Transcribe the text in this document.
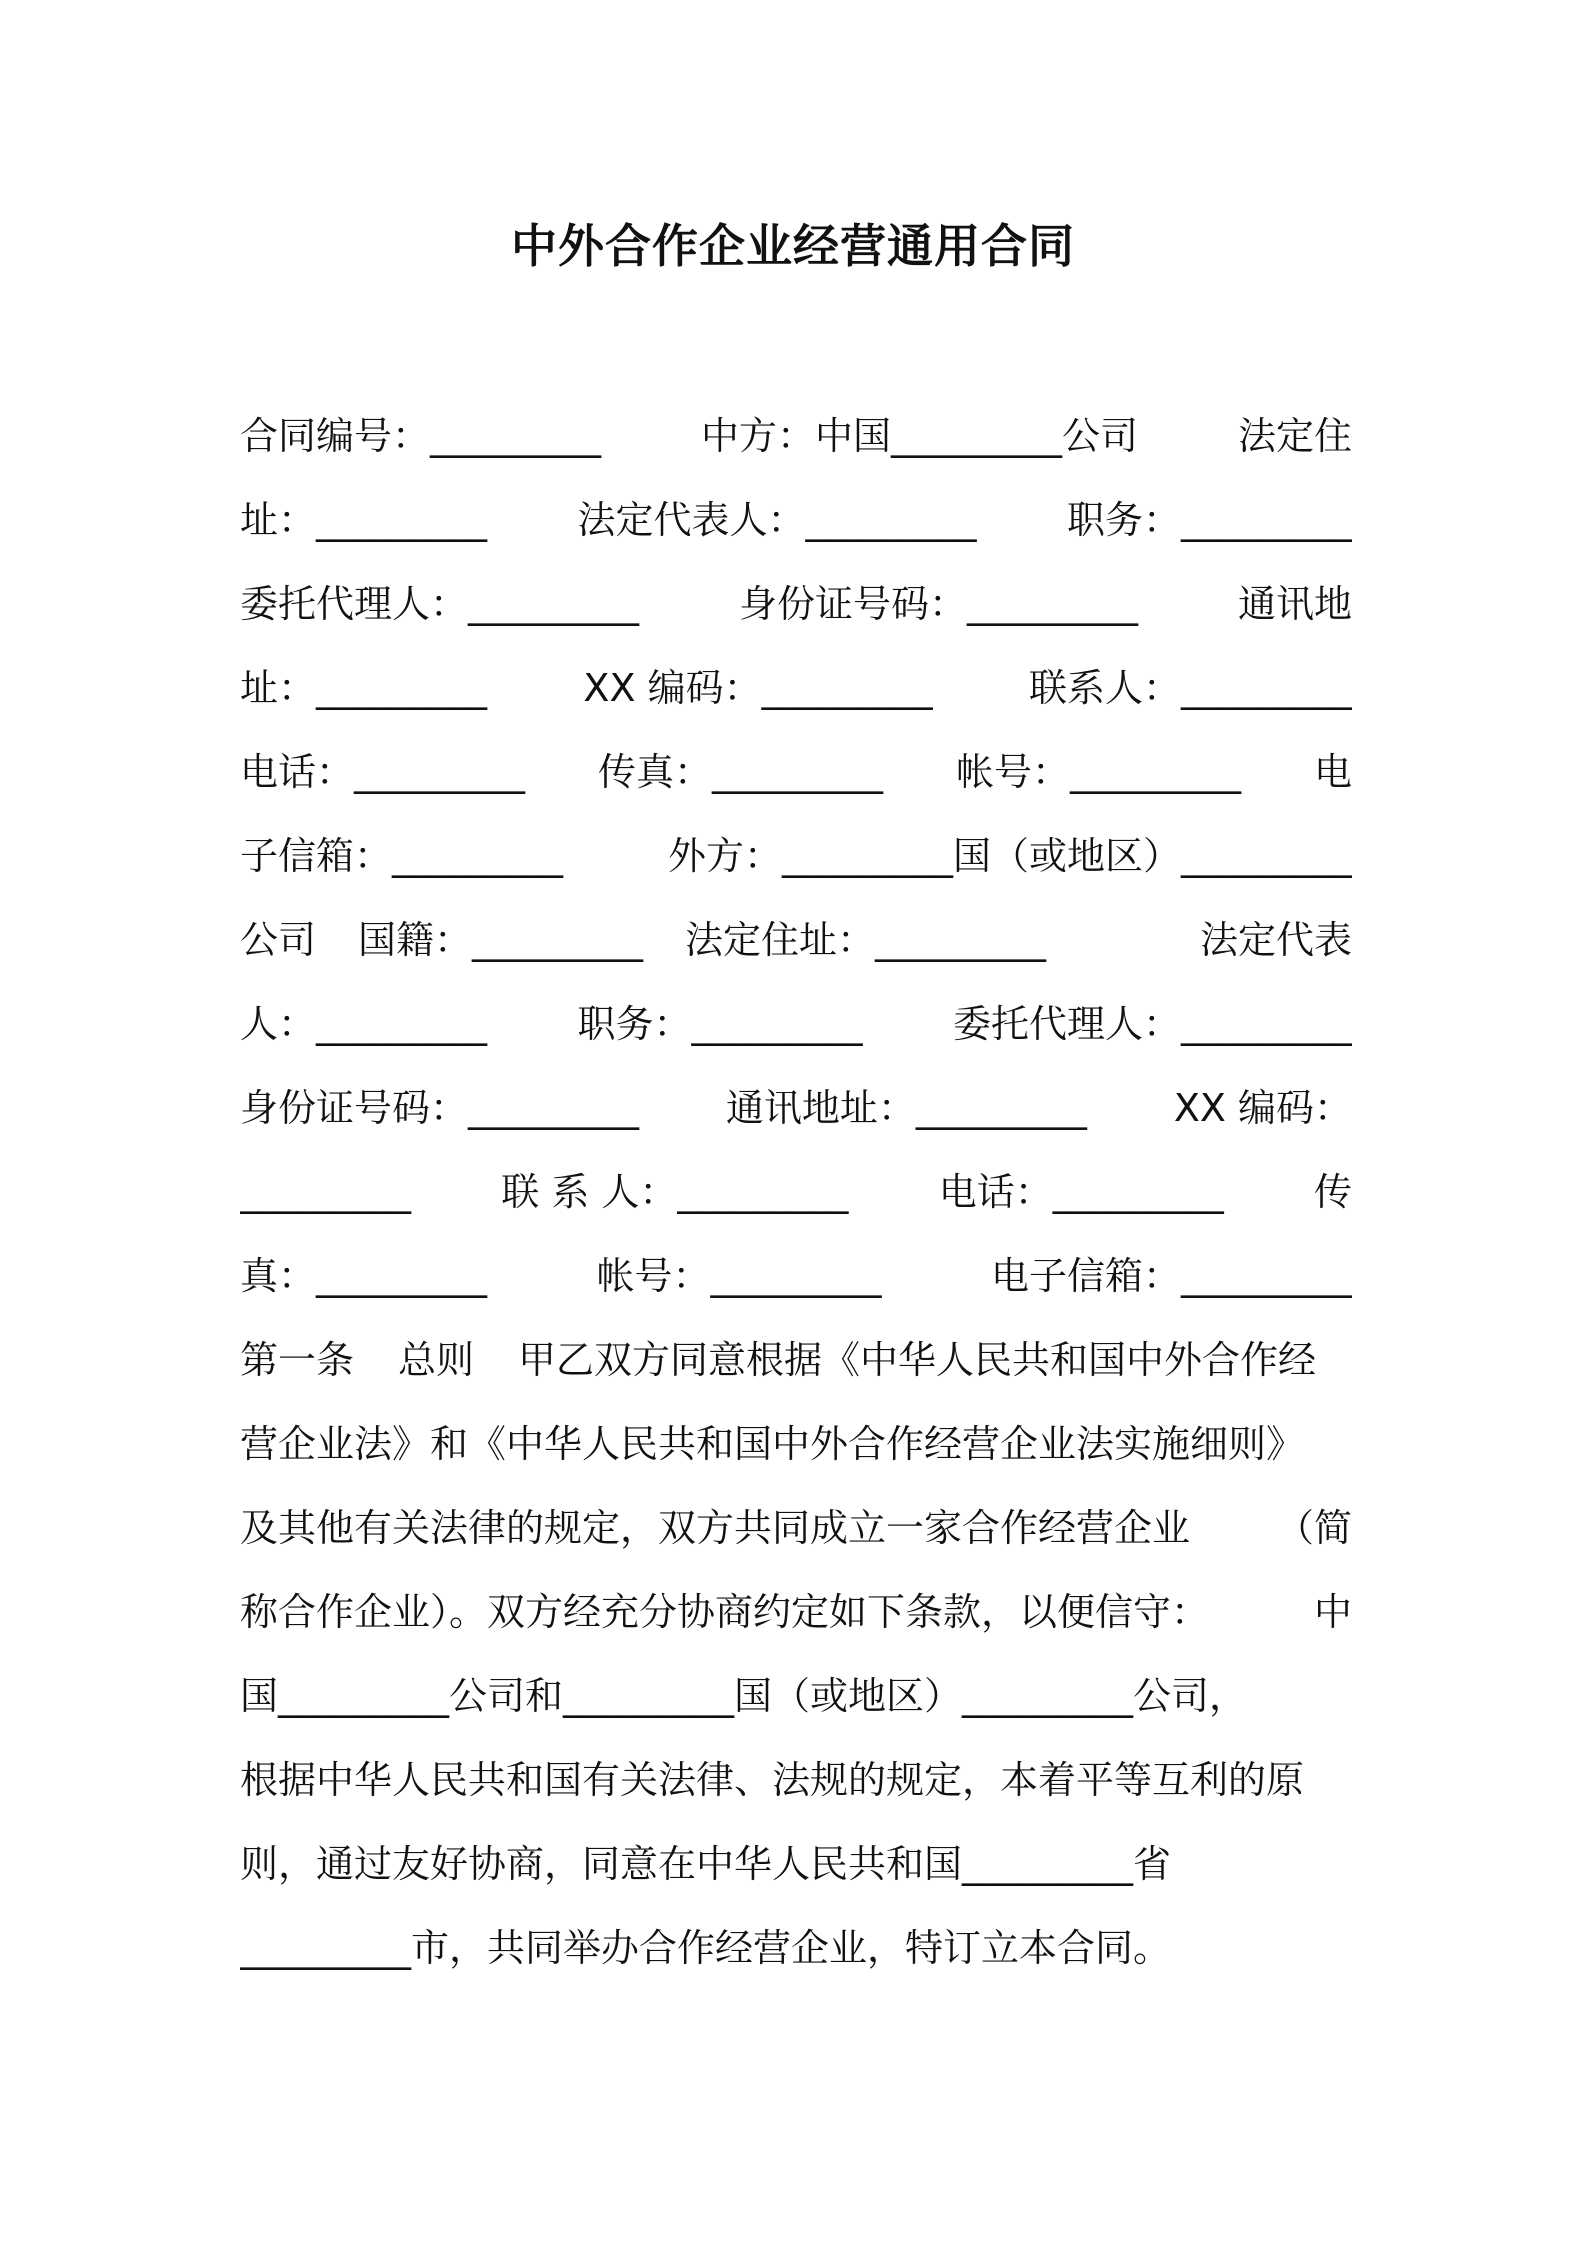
中外合作企业经营通用合同
合同编号：_________	中方：中国_________公司	法定住
址：_________ 法定代表人：_________ 职务：_________
委托代理人：_________	身份证号码：_________	通讯地
址：_________	XX 编码：_________	联系人：_________
电话：_________ 传真：_________ 帐号：_________ 电
子信箱：_________	外方：_________国（或地区）_________
公司 国籍：_________ 法定住址：_________	法定代表
人：_________ 职务：_________ 委托代理人：_________
身份证号码：_________ 通讯地址：_________ XX 编码：
_________ 联 系 人：_________ 电话：_________ 传
真：_________	帐号：_________	电子信箱：_________
第一条 总则 甲乙双方同意根据《中华人民共和国中外合作经
营企业法》和《中华人民共和国中外合作经营企业法实施细则》
及其他有关法律的规定，双方共同成立一家合作经营企业 （简
称合作企业）。双方经充分协商约定如下条款，以便信守：	中
国_________公司和_________国（或地区）_________公司，
根据中华人民共和国有关法律、法规的规定，本着平等互利的原
则，通过友好协商，同意在中华人民共和国_________省
_________市，共同举办合作经营企业，特订立本合同。
